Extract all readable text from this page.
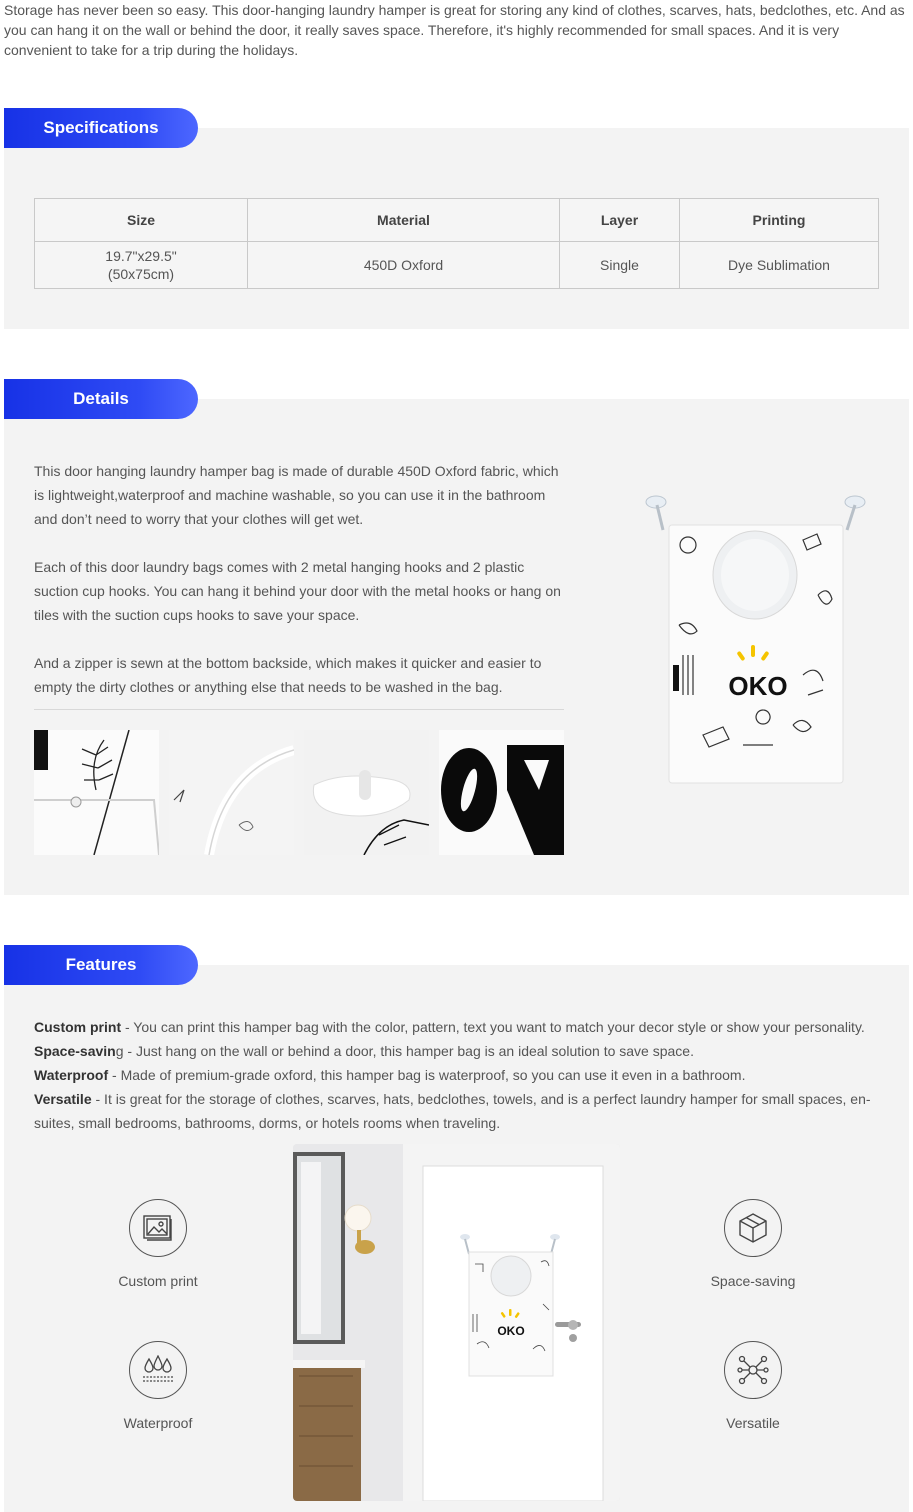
Storage has never been so easy. This door-hanging laundry hamper is great for storing any kind of clothes, scarves, hats, bedclothes, etc. And as you can hang it on the wall or behind the door, it really saves space. Therefore, it's highly recommended for small spaces. And it is very convenient to take for a trip during the holidays.
Specifications
Size	Material	Layer	Printing
19.7"x29.5"
(50x75cm)	450D Oxford	Single	Dye Sublimation
Details

This door hanging laundry hamper bag is made of durable 450D Oxford fabric, which is lightweight,waterproof and machine washable, so you can use it in the bathroom and don’t need to worry that your clothes will get wet.

Each of this door laundry bags comes with 2 metal hanging hooks and 2 plastic suction cup hooks. You can hang it behind your door with the metal hooks or hang on tiles with the suction cups hooks to save your space.

And a zipper is sewn at the bottom backside, which makes it quicker and easier to empty the dirty clothes or anything else that needs to be washed in the bag.	OKO
Features
Custom print - You can print this hamper bag with the color, pattern, text you want to match your decor style or show your personality.
Space-saving - Just hang on the wall or behind a door, this hamper bag is an ideal solution to save space.
Waterproof - Made of premium-grade oxford, this hamper bag is waterproof, so you can use it even in a bathroom.
Versatile - It is great for the storage of clothes, scarves, hats, bedclothes, towels, and is a perfect laundry hamper for small spaces, en-suites, small bedrooms, bathrooms, dorms, or hotels rooms when traveling.
Custom print	Space-saving
Waterproof	Versatile
OKO
